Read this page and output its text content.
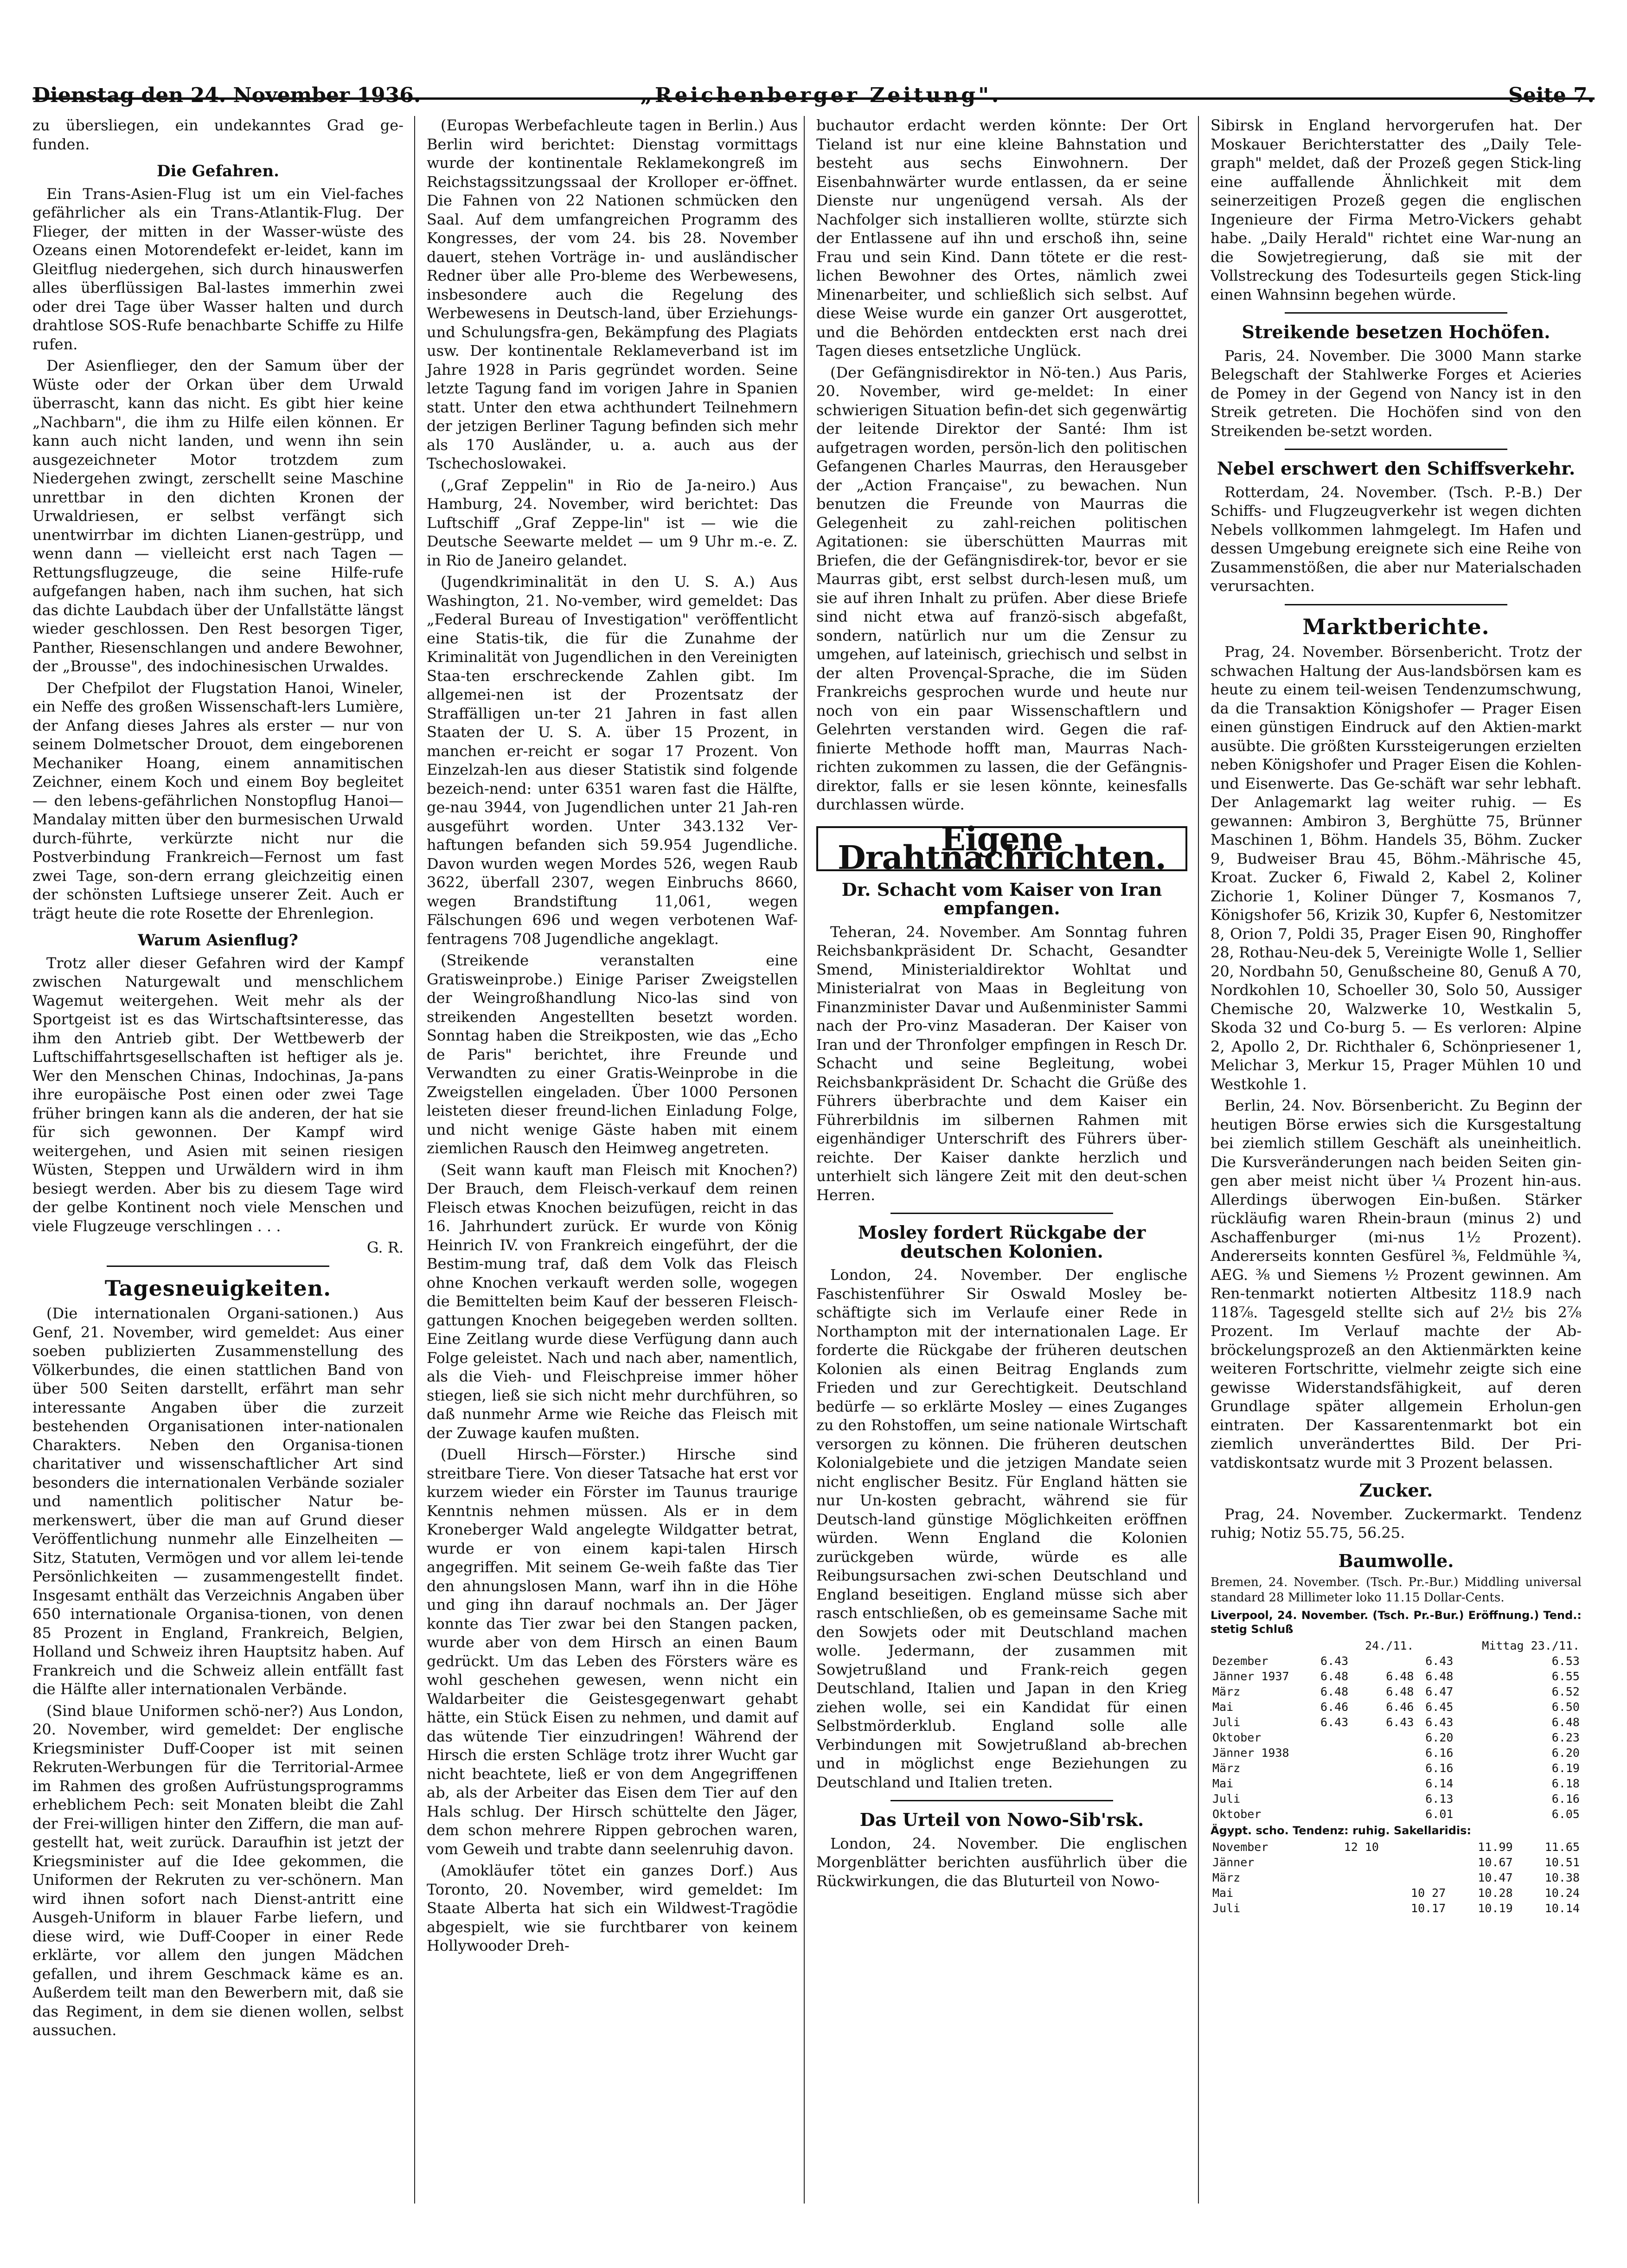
Dienstag den 24. November 1936.	„Reichenberger Zeitung".	Seite 7.

zu übersliegen, ein undekanntes Grad ge-funden.

Die Gefahren.

Ein Trans-Asien-Flug ist um ein Viel-faches gefährlicher als ein Trans-Atlantik-Flug. Der Flieger, der mitten in der Wasser-wüste des Ozeans einen Motorendefekt er-leidet, kann im Gleitflug niedergehen, sich durch hinauswerfen alles überflüssigen Bal-lastes immerhin zwei oder drei Tage über Wasser halten und durch drahtlose SOS-Rufe benachbarte Schiffe zu Hilfe rufen.

Der Asienflieger, den der Samum über der Wüste oder der Orkan über dem Urwald überrascht, kann das nicht. Es gibt hier keine „Nachbarn", die ihm zu Hilfe eilen können. Er kann auch nicht landen, und wenn ihn sein ausgezeichneter Motor trotzdem zum Niedergehen zwingt, zerschellt seine Maschine unrettbar in den dichten Kronen der Urwaldriesen, er selbst verfängt sich unentwirrbar im dichten Lianen-gestrüpp, und wenn dann — vielleicht erst nach Tagen — Rettungsflugzeuge, die seine Hilfe-rufe aufgefangen haben, nach ihm suchen, hat sich das dichte Laubdach über der Unfallstätte längst wieder geschlossen. Den Rest besorgen Tiger, Panther, Riesenschlangen und andere Bewohner, der „Brousse", des indochinesischen Urwaldes.

Der Chefpilot der Flugstation Hanoi, Wineler, ein Neffe des großen Wissenschaft-lers Lumière, der Anfang dieses Jahres als erster — nur von seinem Dolmetscher Drouot, dem eingeborenen Mechaniker Hoang, einem annamitischen Zeichner, einem Koch und einem Boy begleitet — den lebens-gefährlichen Nonstopflug Hanoi—Mandalay mitten über den burmesischen Urwald durch-führte, verkürzte nicht nur die Postverbindung Frankreich—Fernost um fast zwei Tage, son-dern errang gleichzeitig einen der schönsten Luftsiege unserer Zeit. Auch er trägt heute die rote Rosette der Ehrenlegion.

Warum Asienflug?

Trotz aller dieser Gefahren wird der Kampf zwischen Naturgewalt und menschlichem Wagemut weitergehen. Weit mehr als der Sportgeist ist es das Wirtschaftsinteresse, das ihm den Antrieb gibt. Der Wettbewerb der Luftschiffahrtsgesellschaften ist heftiger als je. Wer den Menschen Chinas, Indochinas, Ja-pans ihre europäische Post einen oder zwei Tage früher bringen kann als die anderen, der hat sie für sich gewonnen. Der Kampf wird weitergehen, und Asien mit seinen riesigen Wüsten, Steppen und Urwäldern wird in ihm besiegt werden. Aber bis zu diesem Tage wird der gelbe Kontinent noch viele Menschen und viele Flugzeuge verschlingen . . .

G. R.

Tagesneuigkeiten.

(Die internationalen Organi-sationen.) Aus Genf, 21. November, wird gemeldet: Aus einer soeben publizierten Zusammenstellung des Völkerbundes, die einen stattlichen Band von über 500 Seiten darstellt, erfährt man sehr interessante Angaben über die zurzeit bestehenden Organisationen inter-nationalen Charakters. Neben den Organisa-tionen charitativer und wissenschaftlicher Art sind besonders die internationalen Verbände sozialer und namentlich politischer Natur be-merkenswert, über die man auf Grund dieser Veröffentlichung nunmehr alle Einzelheiten — Sitz, Statuten, Vermögen und vor allem lei-tende Persönlichkeiten — zusammengestellt findet. Insgesamt enthält das Verzeichnis Angaben über 650 internationale Organisa-tionen, von denen 85 Prozent in England, Frankreich, Belgien, Holland und Schweiz ihren Hauptsitz haben. Auf Frankreich und die Schweiz allein entfällt fast die Hälfte aller internationalen Verbände.

(Sind blaue Uniformen schö-ner?) Aus London, 20. November, wird gemeldet: Der englische Kriegsminister Duff-Cooper ist mit seinen Rekruten-Werbungen für die Territorial-Armee im Rahmen des großen Aufrüstungsprogramms erheblichem Pech: seit Monaten bleibt die Zahl der Frei-willigen hinter den Ziffern, die man auf-gestellt hat, weit zurück. Daraufhin ist jetzt der Kriegsminister auf die Idee gekommen, die Uniformen der Rekruten zu ver-schönern. Man wird ihnen sofort nach Dienst-antritt eine Ausgeh-Uniform in blauer Farbe liefern, und diese wird, wie Duff-Cooper in einer Rede erklärte, vor allem den jungen Mädchen gefallen, und ihrem Geschmack käme es an. Außerdem teilt man den Bewerbern mit, daß sie das Regiment, in dem sie dienen wollen, selbst aussuchen.

(Europas Werbefachleute tagen in Berlin.) Aus Berlin wird berichtet: Dienstag vormittags wurde der kontinentale Reklamekongreß im Reichstagssitzungssaal der Krolloper er-öffnet. Die Fahnen von 22 Nationen schmücken den Saal. Auf dem umfangreichen Programm des Kongresses, der vom 24. bis 28. November dauert, stehen Vorträge in- und ausländischer Redner über alle Pro-bleme des Werbewesens, insbesondere auch die Regelung des Werbewesens in Deutsch-land, über Erziehungs- und Schulungsfra-gen, Bekämpfung des Plagiats usw. Der kontinentale Reklameverband ist im Jahre 1928 in Paris gegründet worden. Seine letzte Tagung fand im vorigen Jahre in Spanien statt. Unter den etwa achthundert Teilnehmern der jetzigen Berliner Tagung befinden sich mehr als 170 Ausländer, u. a. auch aus der Tschechoslowakei.

(„Graf Zeppelin" in Rio de Ja-neiro.) Aus Hamburg, 24. November, wird berichtet: Das Luftschiff „Graf Zeppe-lin" ist — wie die Deutsche Seewarte meldet — um 9 Uhr m.-e. Z. in Rio de Janeiro gelandet.

(Jugendkriminalität in den U. S. A.) Aus Washington, 21. No-vember, wird gemeldet: Das „Federal Bureau of Investigation" veröffentlicht eine Statis-tik, die für die Zunahme der Kriminalität von Jugendlichen in den Vereinigten Staa-ten erschreckende Zahlen gibt. Im allgemei-nen ist der Prozentsatz der Straffälligen un-ter 21 Jahren in fast allen Staaten der U. S. A. über 15 Prozent, in manchen er-reicht er sogar 17 Prozent. Von Einzelzah-len aus dieser Statistik sind folgende bezeich-nend: unter 6351 waren fast die Hälfte, ge-nau 3944, von Jugendlichen unter 21 Jah-ren ausgeführt worden. Unter 343.132 Ver-haftungen befanden sich 59.954 Jugendliche. Davon wurden wegen Mordes 526, wegen Raub 3622, überfall 2307, wegen Einbruchs 8660, wegen Brandstiftung 11,061, wegen Fälschungen 696 und wegen verbotenen Waf-fentragens 708 Jugendliche angeklagt.

(Streikende veranstalten eine Gratisweinprobe.) Einige Pariser Zweigstellen der Weingroßhandlung Nico-las sind von streikenden Angestellten besetzt worden. Sonntag haben die Streikposten, wie das „Echo de Paris" berichtet, ihre Freunde und Verwandten zu einer Gratis-Weinprobe in die Zweigstellen eingeladen. Über 1000 Personen leisteten dieser freund-lichen Einladung Folge, und nicht wenige Gäste haben mit einem ziemlichen Rausch den Heimweg angetreten.

(Seit wann kauft man Fleisch mit Knochen?) Der Brauch, dem Fleisch-verkauf dem reinen Fleisch etwas Knochen beizufügen, reicht in das 16. Jahrhundert zurück. Er wurde von König Heinrich IV. von Frankreich eingeführt, der die Bestim-mung traf, daß dem Volk das Fleisch ohne Knochen verkauft werden solle, wogegen die Bemittelten beim Kauf der besseren Fleisch-gattungen Knochen beigegeben werden sollten. Eine Zeitlang wurde diese Verfügung dann auch Folge geleistet. Nach und nach aber, namentlich, als die Vieh- und Fleischpreise immer höher stiegen, ließ sie sich nicht mehr durchführen, so daß nunmehr Arme wie Reiche das Fleisch mit der Zuwage kaufen mußten.

(Duell Hirsch—Förster.) Hirsche sind streitbare Tiere. Von dieser Tatsache hat erst vor kurzem wieder ein Förster im Taunus traurige Kenntnis nehmen müssen. Als er in dem Kroneberger Wald angelegte Wildgatter betrat, wurde er von einem kapi-talen Hirsch angegriffen. Mit seinem Ge-weih faßte das Tier den ahnungslosen Mann, warf ihn in die Höhe und ging ihn darauf nochmals an. Der Jäger konnte das Tier zwar bei den Stangen packen, wurde aber von dem Hirsch an einen Baum gedrückt. Um das Leben des Försters wäre es wohl geschehen gewesen, wenn nicht ein Waldarbeiter die Geistesgegenwart gehabt hätte, ein Stück Eisen zu nehmen, und damit auf das wütende Tier einzudringen! Während der Hirsch die ersten Schläge trotz ihrer Wucht gar nicht beachtete, ließ er von dem Angegriffenen ab, als der Arbeiter das Eisen dem Tier auf den Hals schlug. Der Hirsch schüttelte den Jäger, dem schon mehrere Rippen gebrochen waren, vom Geweih und trabte dann seelenruhig davon.

(Amokläufer tötet ein ganzes Dorf.) Aus Toronto, 20. November, wird gemeldet: Im Staate Alberta hat sich ein Wildwest-Tragödie abgespielt, wie sie furchtbarer von keinem Hollywooder Dreh-

buchautor erdacht werden könnte: Der Ort Tieland ist nur eine kleine Bahnstation und besteht aus sechs Einwohnern. Der Eisenbahnwärter wurde entlassen, da er seine Dienste nur ungenügend versah. Als der Nachfolger sich installieren wollte, stürzte sich der Entlassene auf ihn und erschoß ihn, seine Frau und sein Kind. Dann tötete er die rest-lichen Bewohner des Ortes, nämlich zwei Minenarbeiter, und schließlich sich selbst. Auf diese Weise wurde ein ganzer Ort ausgerottet, und die Behörden entdeckten erst nach drei Tagen dieses entsetzliche Unglück.

(Der Gefängnisdirektor in Nö-ten.) Aus Paris, 20. November, wird ge-meldet: In einer schwierigen Situation befin-det sich gegenwärtig der leitende Direktor der Santé: Ihm ist aufgetragen worden, persön-lich den politischen Gefangenen Charles Maurras, den Herausgeber der „Action Française", zu bewachen. Nun benutzen die Freunde von Maurras die Gelegenheit zu zahl-reichen politischen Agitationen: sie überschütten Maurras mit Briefen, die der Gefängnisdirek-tor, bevor er sie Maurras gibt, erst selbst durch-lesen muß, um sie auf ihren Inhalt zu prüfen. Aber diese Briefe sind nicht etwa auf franzö-sisch abgefaßt, sondern, natürlich nur um die Zensur zu umgehen, auf lateinisch, griechisch und selbst in der alten Provençal-Sprache, die im Süden Frankreichs gesprochen wurde und heute nur noch von ein paar Wissenschaftlern und Gelehrten verstanden wird. Gegen die raf-finierte Methode hofft man, Maurras Nach-richten zukommen zu lassen, die der Gefängnis-direktor, falls er sie lesen könnte, keinesfalls durchlassen würde.

Eigene Drahtnachrichten.
Dr. Schacht vom Kaiser von Iran empfangen.

Teheran, 24. November. Am Sonntag fuhren Reichsbankpräsident Dr. Schacht, Gesandter Smend, Ministerialdirektor Wohltat und Ministerialrat von Maas in Begleitung von Finanzminister Davar und Außenminister Sammi nach der Pro-vinz Masaderan. Der Kaiser von Iran und der Thronfolger empfingen in Resch Dr. Schacht und seine Begleitung, wobei Reichsbankpräsident Dr. Schacht die Grüße des Führers überbrachte und dem Kaiser ein Führerbildnis im silbernen Rahmen mit eigenhändiger Unterschrift des Führers über-reichte. Der Kaiser dankte herzlich und unterhielt sich längere Zeit mit den deut-schen Herren.

Mosley fordert Rückgabe der deutschen Kolonien.

London, 24. November. Der englische Faschistenführer Sir Oswald Mosley be-schäftigte sich im Verlaufe einer Rede in Northampton mit der internationalen Lage. Er forderte die Rückgabe der früheren deutschen Kolonien als einen Beitrag Englands zum Frieden und zur Gerechtigkeit. Deutschland bedürfe — so erklärte Mosley — eines Zuganges zu den Rohstoffen, um seine nationale Wirtschaft versorgen zu können. Die früheren deutschen Kolonialgebiete und die jetzigen Mandate seien nicht englischer Besitz. Für England hätten sie nur Un-kosten gebracht, während sie für Deutsch-land günstige Möglichkeiten eröffnen würden. Wenn England die Kolonien zurückgeben würde, würde es alle Reibungsursachen zwi-schen Deutschland und England beseitigen. England müsse sich aber rasch entschließen, ob es gemeinsame Sache mit den Sowjets oder mit Deutschland machen wolle. Jedermann, der zusammen mit Sowjetrußland und Frank-reich gegen Deutschland, Italien und Japan in den Krieg ziehen wolle, sei ein Kandidat für einen Selbstmörderklub. England solle alle Verbindungen mit Sowjetrußland ab-brechen und in möglichst enge Beziehungen zu Deutschland und Italien treten.

Das Urteil von Nowo-Sib'rsk.

London, 24. November. Die englischen Morgenblätter berichten ausführlich über die Rückwirkungen, die das Bluturteil von Nowo-

Sibirsk in England hervorgerufen hat. Der Moskauer Berichterstatter des „Daily Tele-graph" meldet, daß der Prozeß gegen Stick-ling eine auffallende Ähnlichkeit mit dem seinerzeitigen Prozeß gegen die englischen Ingenieure der Firma Metro-Vickers gehabt habe. „Daily Herald" richtet eine War-nung an die Sowjetregierung, daß sie mit der Vollstreckung des Todesurteils gegen Stick-ling einen Wahnsinn begehen würde.

Streikende besetzen Hochöfen.

Paris, 24. November. Die 3000 Mann starke Belegschaft der Stahlwerke Forges et Acieries de Pomey in der Gegend von Nancy ist in den Streik getreten. Die Hochöfen sind von den Streikenden be-setzt worden.

Nebel erschwert den Schiffsverkehr.

Rotterdam, 24. November. (Tsch. P.-B.) Der Schiffs- und Flugzeugverkehr ist wegen dichten Nebels vollkommen lahmgelegt. Im Hafen und dessen Umgebung ereignete sich eine Reihe von Zusammenstößen, die aber nur Materialschaden verursachten.

Marktberichte.

Prag, 24. November. Börsenbericht. Trotz der schwachen Haltung der Aus-landsbörsen kam es heute zu einem teil-weisen Tendenzumschwung, da die Transaktion Königshofer — Prager Eisen einen günstigen Eindruck auf den Aktien-markt ausübte. Die größten Kurssteigerungen erzielten neben Königshofer und Prager Eisen die Kohlen- und Eisenwerte. Das Ge-schäft war sehr lebhaft. Der Anlagemarkt lag weiter ruhig. — Es gewannen: Ambiron 3, Berghütte 75, Brünner Maschinen 1, Böhm. Handels 35, Böhm. Zucker 9, Budweiser Brau 45, Böhm.-Mährische 45, Kroat. Zucker 6, Fiwald 2, Kabel 2, Koliner Zichorie 1, Koliner Dünger 7, Kosmanos 7, Königshofer 56, Krizik 30, Kupfer 6, Nestomitzer 8, Orion 7, Poldi 35, Prager Eisen 90, Ringhoffer 28, Rothau-Neu-dek 5, Vereinigte Wolle 1, Sellier 20, Nordbahn 50, Genußscheine 80, Genuß A 70, Nordkohlen 10, Schoeller 30, Solo 50, Aussiger Chemische 20, Walzwerke 10, Westkalin 5, Skoda 32 und Co-burg 5. — Es verloren: Alpine 2, Apollo 2, Dr. Richthaler 6, Schönpriesener 1, Melichar 3, Merkur 15, Prager Mühlen 10 und Westkohle 1.

Berlin, 24. Nov. Börsenbericht. Zu Beginn der heutigen Börse erwies sich die Kursgestaltung bei ziemlich stillem Geschäft als uneinheitlich. Die Kursveränderungen nach beiden Seiten gin-gen aber meist nicht über ¼ Prozent hin-aus. Allerdings überwogen Ein-bußen. Stärker rückläufig waren Rhein-braun (minus 2) und Aschaffenburger (mi-nus 1½ Prozent). Andererseits konnten Gesfürel ⅜, Feldmühle ¾, AEG. ⅜ und Siemens ½ Prozent gewinnen. Am Ren-tenmarkt notierten Altbesitz 118.9 nach 118⅞. Tagesgeld stellte sich auf 2½ bis 2⅞ Prozent. Im Verlauf machte der Ab-bröckelungsprozeß an den Aktienmärkten keine weiteren Fortschritte, vielmehr zeigte sich eine gewisse Widerstandsfähigkeit, auf deren Grundlage später allgemein Erholun-gen eintraten. Der Kassarentenmarkt bot ein ziemlich unveränderttes Bild. Der Pri-vatdiskontsatz wurde mit 3 Prozent belassen.

Zucker.

Prag, 24. November. Zuckermarkt. Tendenz ruhig; Notiz 55.75, 56.25.

Baumwolle.

Bremen, 24. November. (Tsch. Pr.-Bur.) Middling universal standard 28 Millimeter loko 11.15 Dollar-Cents.

Liverpool, 24. November. (Tsch. Pr.-Bur.) Eröffnung.) Tend.: stetig Schluß
		24./11.		Mittag 23./11.
Dezember	6.43		6.43	6.53
Jänner 1937	6.48	6.48	6.48	6.55
März	6.48	6.48	6.47	6.52
Mai	6.46	6.46	6.45	6.50
Juli	6.43	6.43	6.43	6.48
Oktober			6.20	6.23
Jänner 1938			6.16	6.20
März			6.16	6.19
Mai			6.14	6.18
Juli			6.13	6.16
Oktober			6.01	6.05
Ägypt. scho. Tendenz: ruhig. Sakellaridis:
November	12 10		11.99	11.65
Jänner			10.67	10.51
März			10.47	10.38
Mai		10 27	10.28	10.24
Juli		10.17	10.19	10.14
